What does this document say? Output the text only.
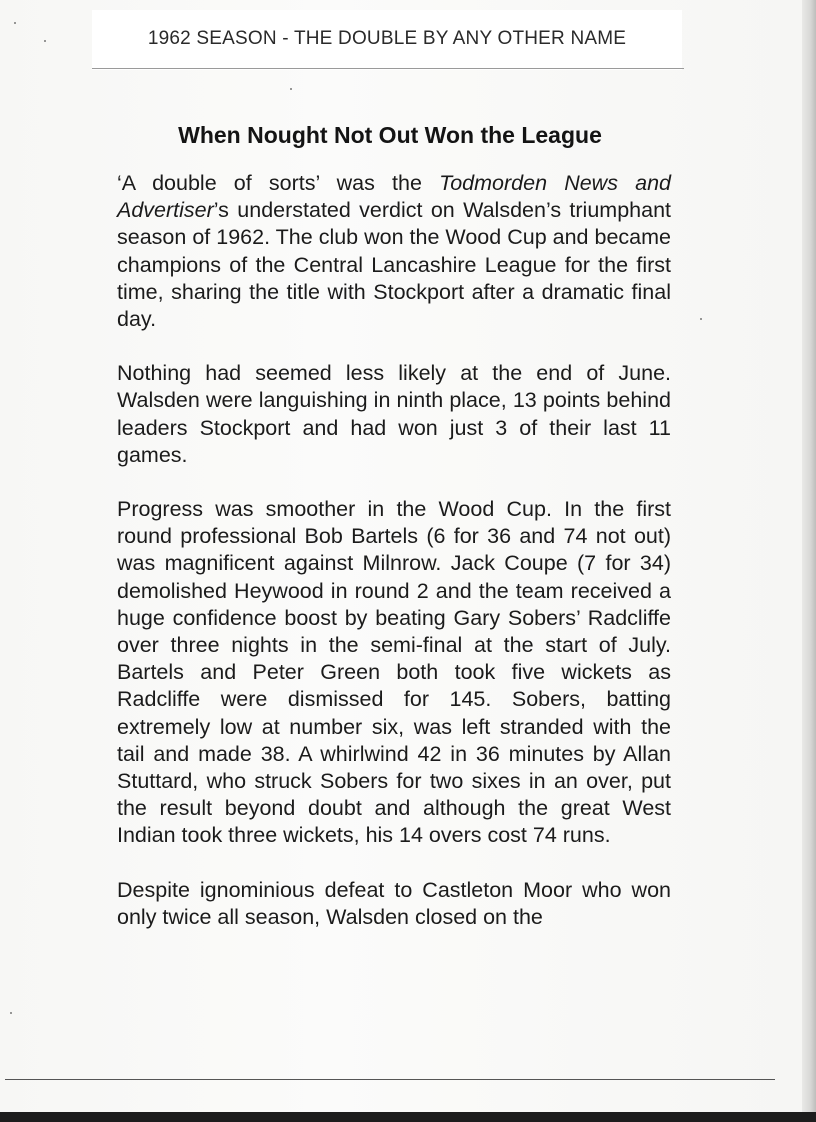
1962 SEASON - THE DOUBLE BY ANY OTHER NAME
When Nought Not Out Won the League

‘A double of sorts’ was the Todmorden News and Advertiser’s understated verdict on Walsden’s triumphant season of 1962. The club won the Wood Cup and became champions of the Central Lancashire League for the first time, sharing the title with Stockport after a dramatic final day.

Nothing had seemed less likely at the end of June. Walsden were languishing in ninth place, 13 points behind leaders Stockport and had won just 3 of their last 11 games.

Progress was smoother in the Wood Cup. In the first round professional Bob Bartels (6 for 36 and 74 not out) was magnificent against Milnrow. Jack Coupe (7 for 34) demolished Heywood in round 2 and the team received a huge confidence boost by beating Gary Sobers’ Radcliffe over three nights in the semi-final at the start of July. Bartels and Peter Green both took five wickets as Radcliffe were dismissed for 145. Sobers, batting extremely low at number six, was left stranded with the tail and made 38. A whirlwind 42 in 36 minutes by Allan Stuttard, who struck Sobers for two sixes in an over, put the result beyond doubt and although the great West Indian took three wickets, his 14 overs cost 74 runs.

Despite ignominious defeat to Castleton Moor who won only twice all season, Walsden closed on the
